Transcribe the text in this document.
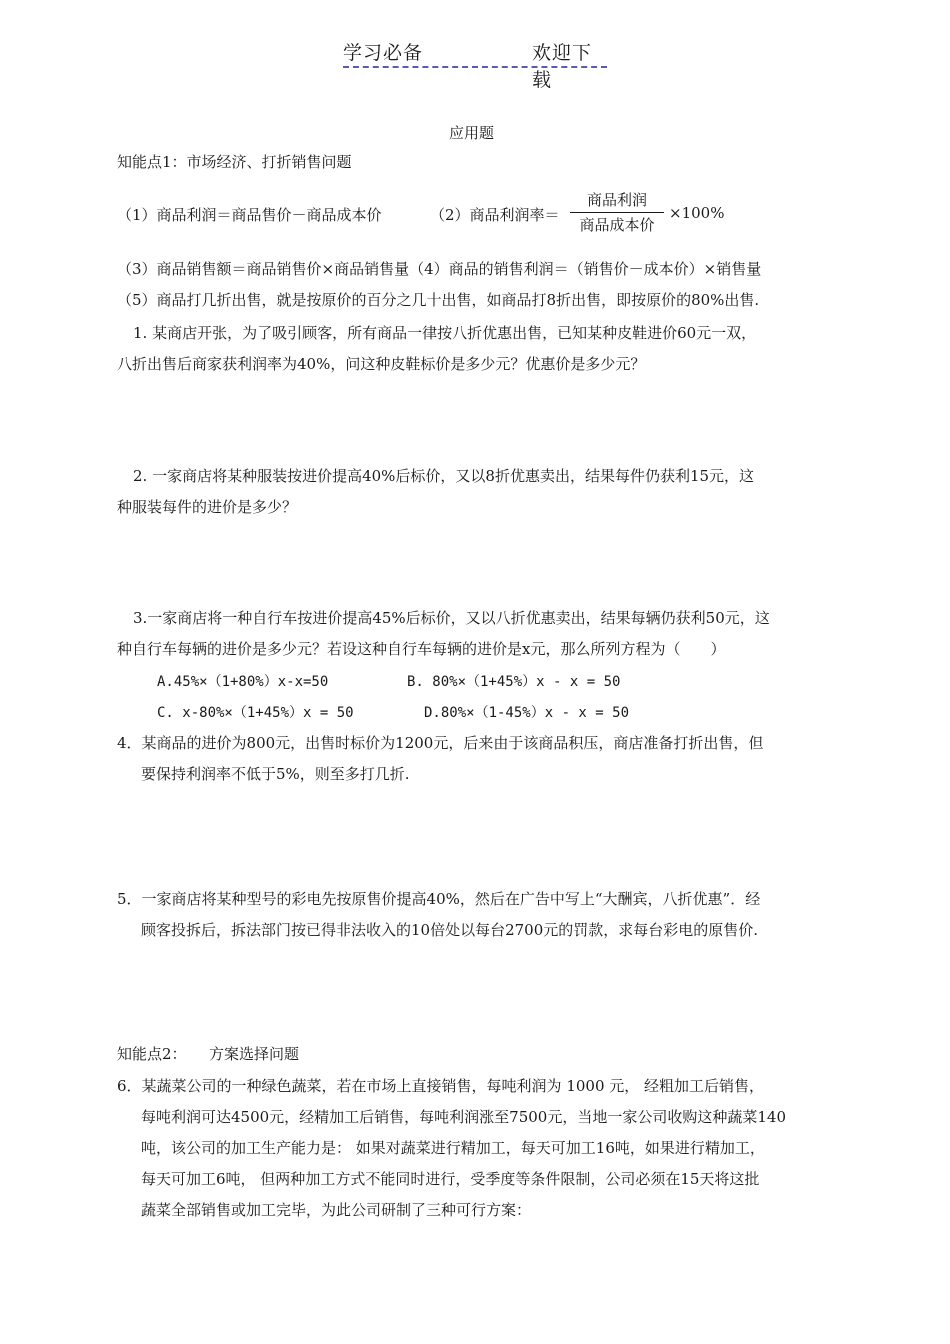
学习必备	欢迎下载
应用题
知能点1：市场经济、打折销售问题
（1）商品利润＝商品售价－商品成本价	（2）商品利润率＝
商品利润
商品成本价
×100%
（3）商品销售额＝商品销售价×商品销售量（4）商品的销售利润＝（销售价－成本价）×销售量
（5）商品打几折出售，就是按原价的百分之几十出售，如商品打8折出售，即按原价的80%出售.
1. 某商店开张，为了吸引顾客，所有商品一律按八折优惠出售，已知某种皮鞋进价60元一双，
八折出售后商家获利润率为40%，问这种皮鞋标价是多少元？优惠价是多少元？
2. 一家商店将某种服装按进价提高40%后标价，又以8折优惠卖出，结果每件仍获利15元，这
种服装每件的进价是多少？
3.一家商店将一种自行车按进价提高45%后标价，又以八折优惠卖出，结果每辆仍获利50元，这
种自行车每辆的进价是多少元？若设这种自行车每辆的进价是x元，那么所列方程为（　　）
A.45%×（1+80%）x-x=50	B. 80%×（1+45%）x - x = 50
C. x-80%×（1+45%）x = 50	D.80%×（1-45%）x - x = 50
4．某商品的进价为800元，出售时标价为1200元，后来由于该商品积压，商店准备打折出售，但
要保持利润率不低于5%，则至多打几折.
5．一家商店将某种型号的彩电先按原售价提高40%，然后在广告中写上“大酬宾，八折优惠”．经
顾客投拆后，拆法部门按已得非法收入的10倍处以每台2700元的罚款，求每台彩电的原售价.
知能点2：　　方案选择问题
6．某蔬菜公司的一种绿色蔬菜，若在市场上直接销售，每吨利润为 1000 元， 经粗加工后销售，
每吨利润可达4500元，经精加工后销售，每吨利润涨至7500元，当地一家公司收购这种蔬菜140
吨，该公司的加工生产能力是： 如果对蔬菜进行精加工，每天可加工16吨，如果进行精加工，
每天可加工6吨， 但两种加工方式不能同时进行，受季度等条件限制，公司必须在15天将这批
蔬菜全部销售或加工完毕，为此公司研制了三种可行方案：
